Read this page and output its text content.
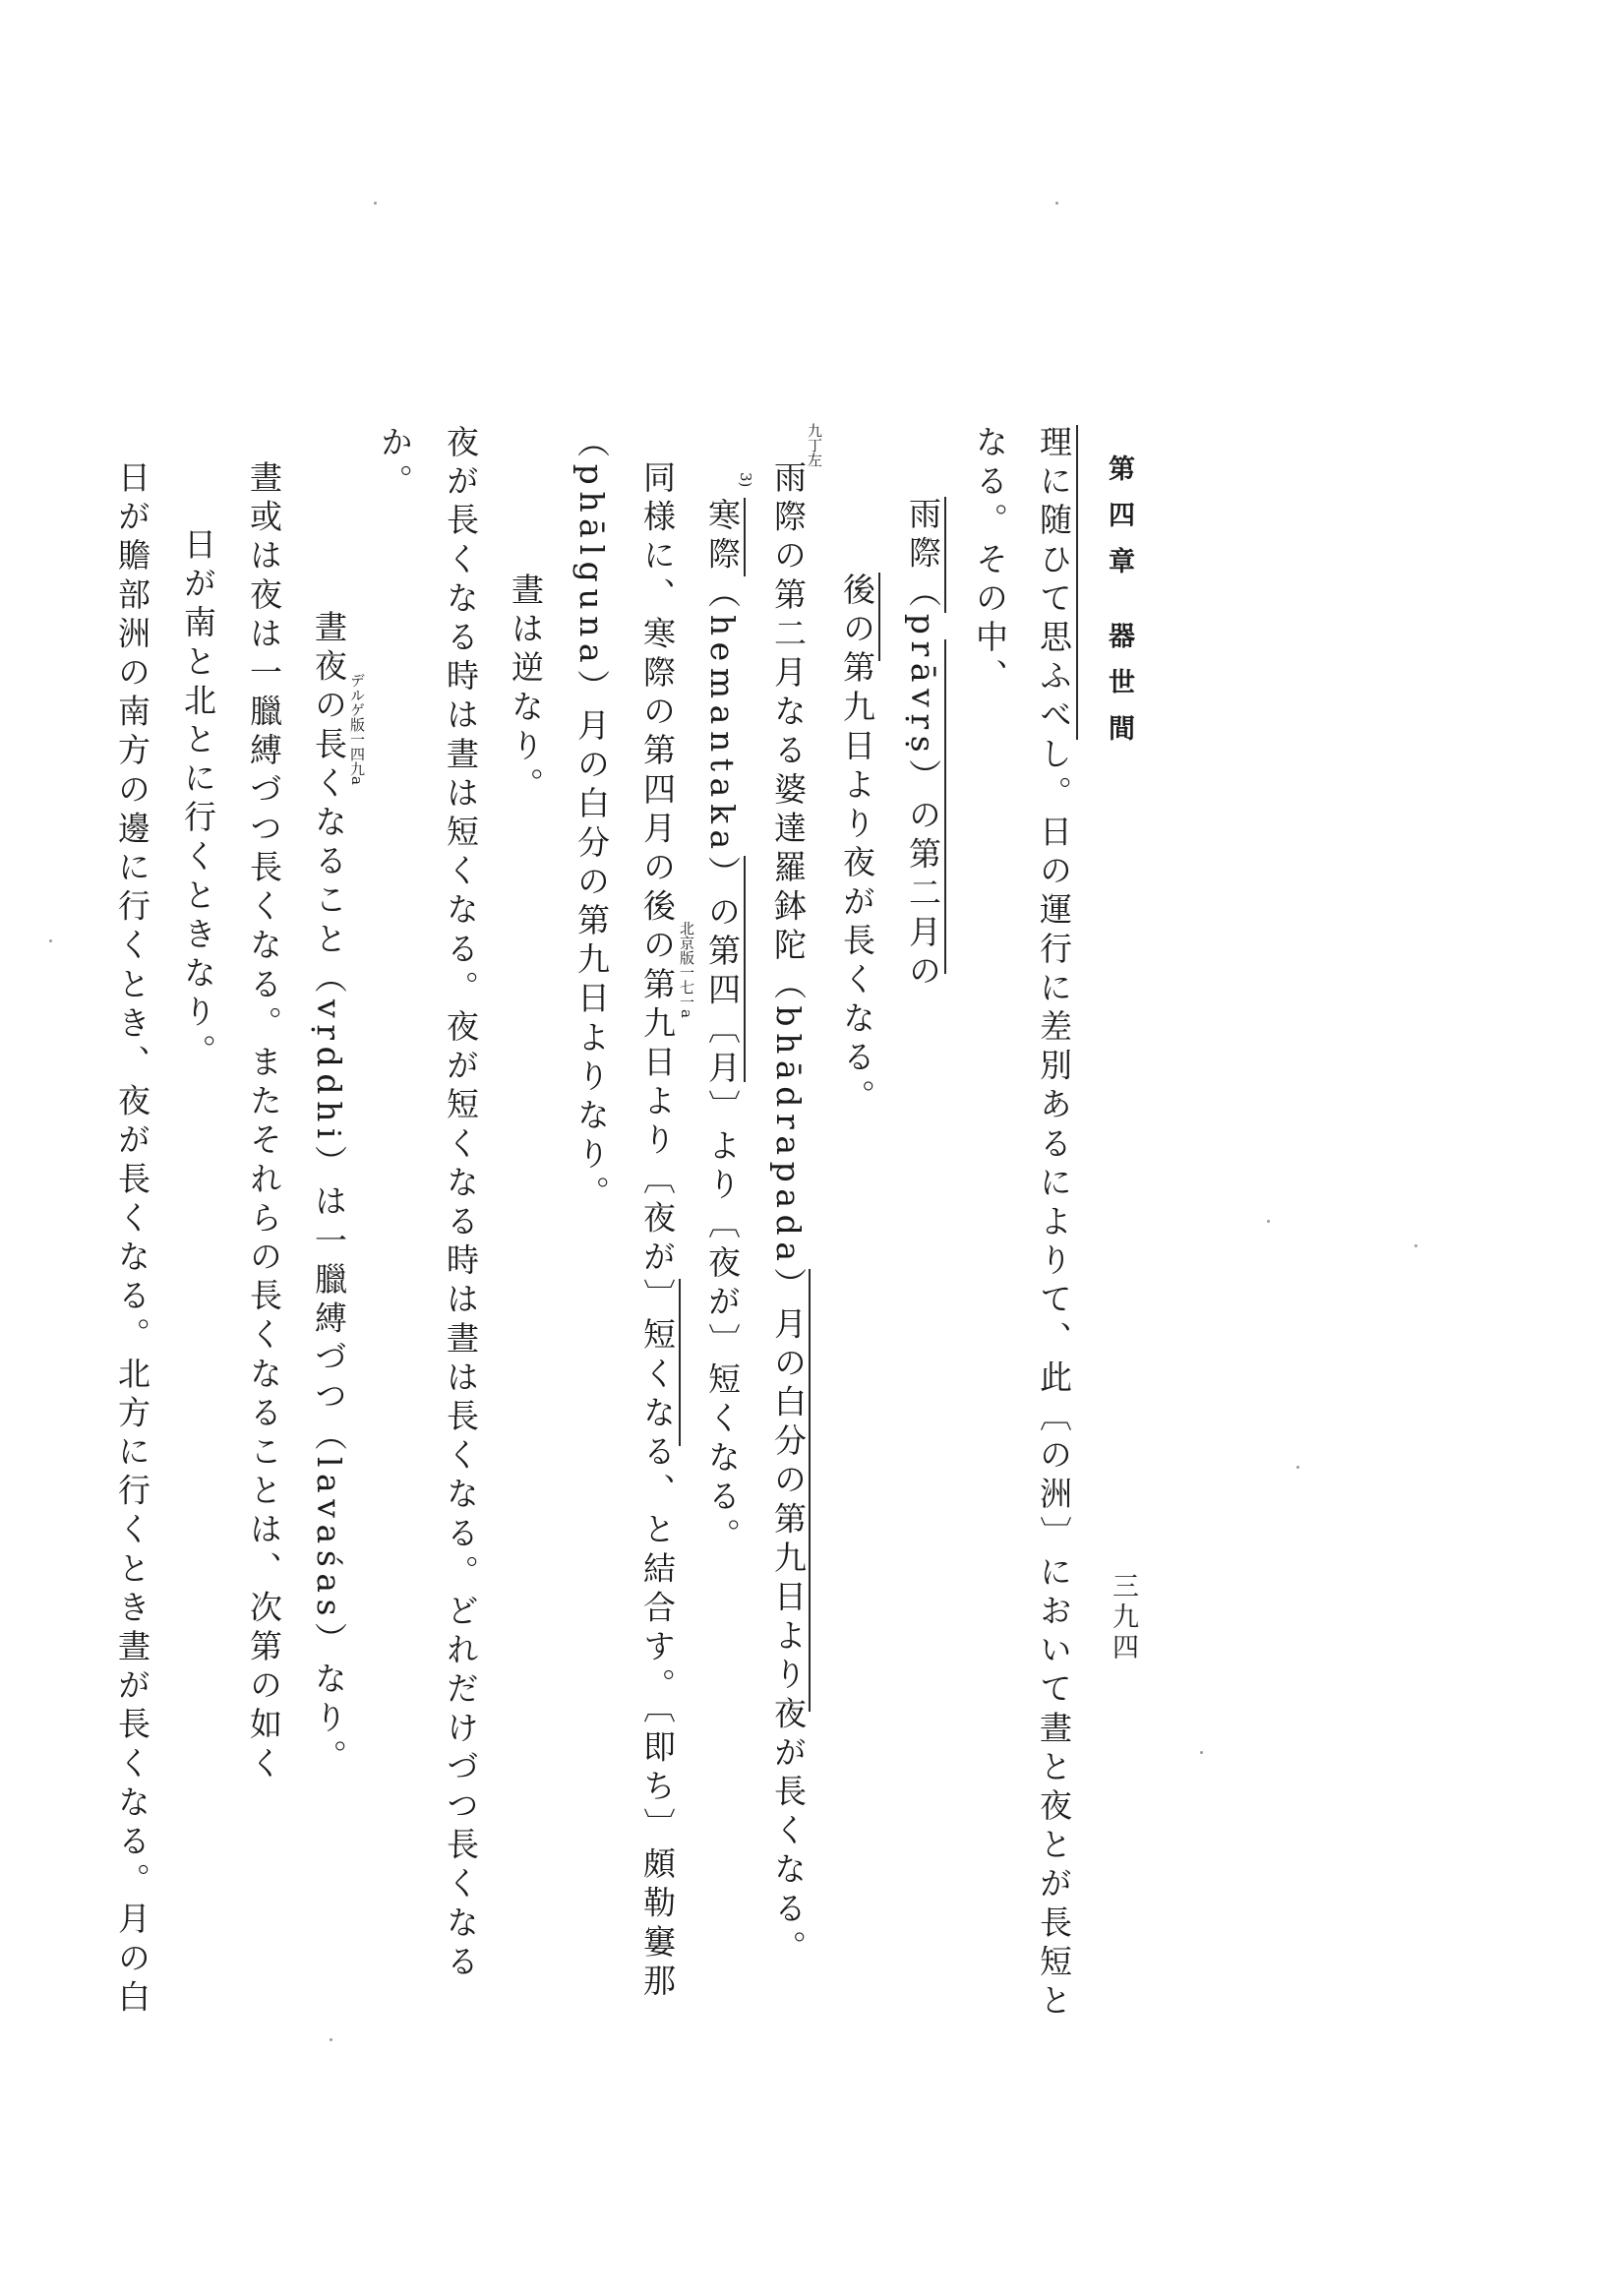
第四章 器世間
三九四
理に随ひて思ふべし。日の運行に差別あるによりて、此〔の洲〕において晝と夜とが長短と
なる。その中、
雨際（prāvṛṣ）の第二月の
後の第九日より夜が長くなる。
雨際の第二月なる婆達羅鉢陀（bhādrapada）月の白分の第九日より夜が長くなる。
寒際（hemantaka）の第四〔月〕より〔夜が〕短くなる。
同様に、寒際の第四月の後の第九日より〔夜が〕短くなる、と結合す。〔即ち〕頗勒窶那
（phālguna）月の白分の第九日よりなり。
晝は逆なり。
夜が長くなる時は晝は短くなる。夜が短くなる時は晝は長くなる。どれだけづつ長くなる
か。
晝夜の長くなること（vṛddhi）は一臘縛づつ（lavaśas）なり。
晝或は夜は一臘縛づつ長くなる。またそれらの長くなることは、次第の如く
日が南と北とに行くときなり。
日が贍部洲の南方の邊に行くとき、夜が長くなる。北方に行くとき晝が長くなる。月の白
九丁左
3)
北京版一七一a
デルゲ版一四九a
